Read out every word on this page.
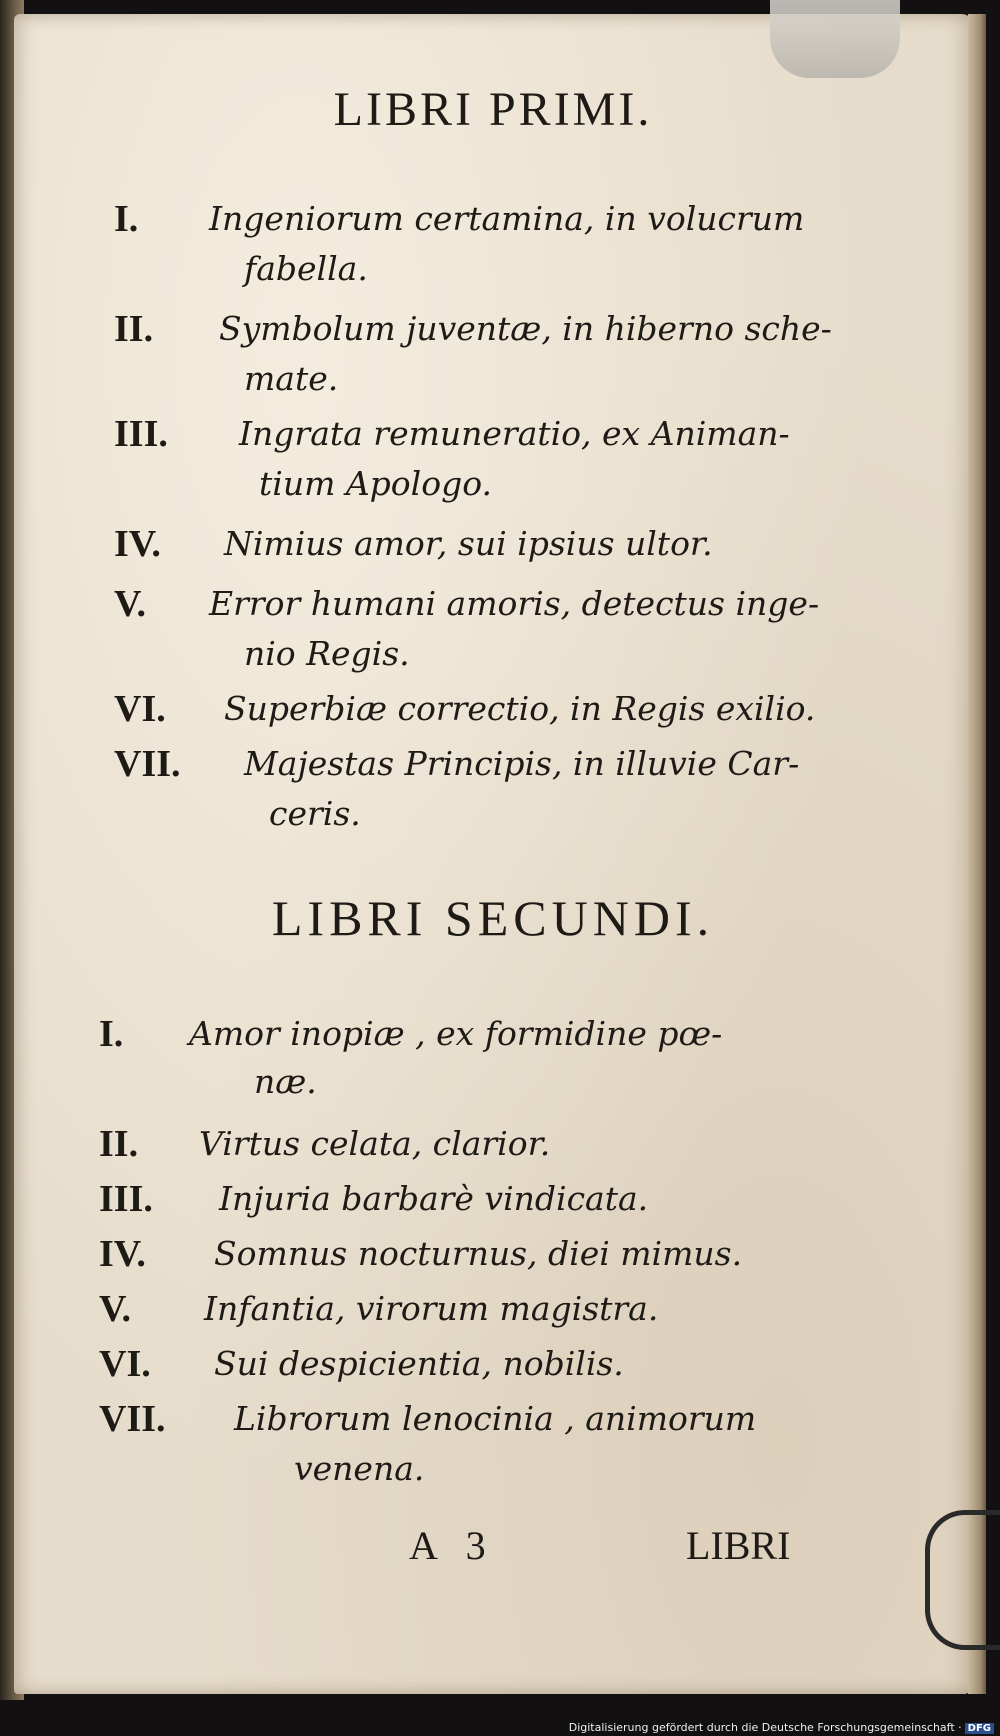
LIBRI PRIMI.
I. Ingeniorum certamina, in volucrum
fabella.
II. Symbolum juventæ, in hiberno sche-
mate.
III. Ingrata remuneratio, ex Animan-
tium Apologo.
IV. Nimius amor, sui ipsius ultor.
V. Error humani amoris, detectus inge-
nio Regis.
VI. Superbiæ correctio, in Regis exilio.
VII. Majestas Principis, in illuvie Car-
ceris.
LIBRI SECUNDI.
I. Amor inopiæ , ex formidine pœ-
næ.
II. Virtus celata, clarior.
III. Injuria barbarè vindicata.
IV. Somnus nocturnus, diei mimus.
V. Infantia, virorum magistra.
VI. Sui despicientia, nobilis.
VII. Librorum lenocinia , animorum
venena.
A 3	LIBRI
Digitalisierung gefördert durch die Deutsche Forschungsgemeinschaft · DFG
